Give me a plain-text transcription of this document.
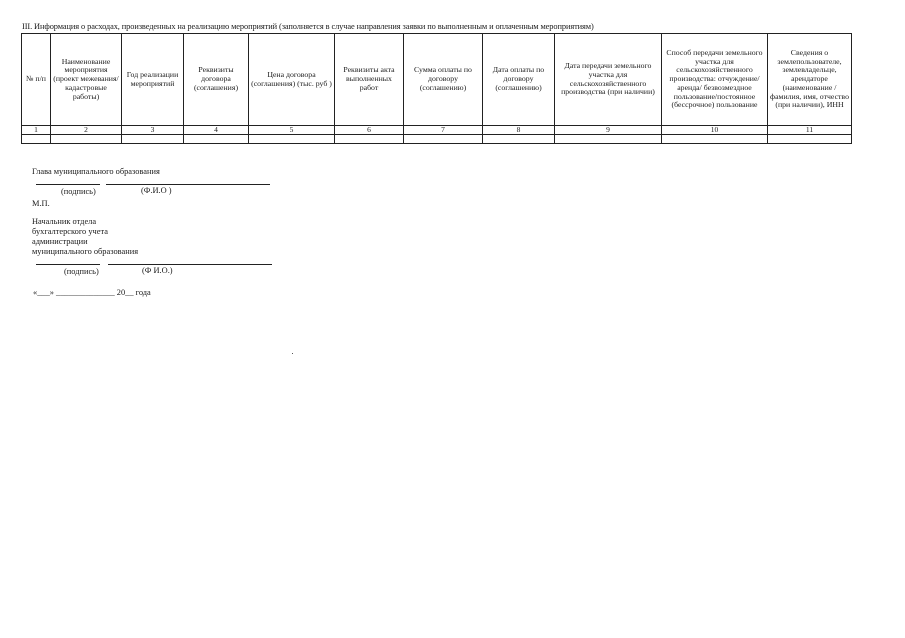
III. Информация о расходах, произведенных на реализацию мероприятий (заполняется в случае направления заявки по выполненным и оплаченным мероприятиям)
№ п/п	Наименование мероприятия (проект межевания/ кадастровые работы)	Год реализации мероприятий	Реквизиты договора (соглашения)	Цена договора (соглашения) (тыс. руб )	Реквизиты акта выполненных работ	Сумма оплаты по договору (соглашению)	Дата оплаты по договору (соглашению)	Дата передачи земельного участка для сельскохозяйственного производства (при наличии)	Способ передачи земельного участка для сельскохозяйственного производства: отчуждение/аренда/ безвозмездное пользование/постоянное (бессрочное) пользование	Сведения о землепользователе, землевладельце, арендаторе (наименование /фамилия, имя, отчество (при наличии), ИНН
1	2	3	4	5	6	7	8	9	10	11

Глава муниципального образования
(подпись)	(Ф.И.О )
М.П.
Начальник отдела
бухгалтерского учета
администрации
муниципального образования
(подпись)	(Ф И.О.)
«___» ______________ 20__ года
